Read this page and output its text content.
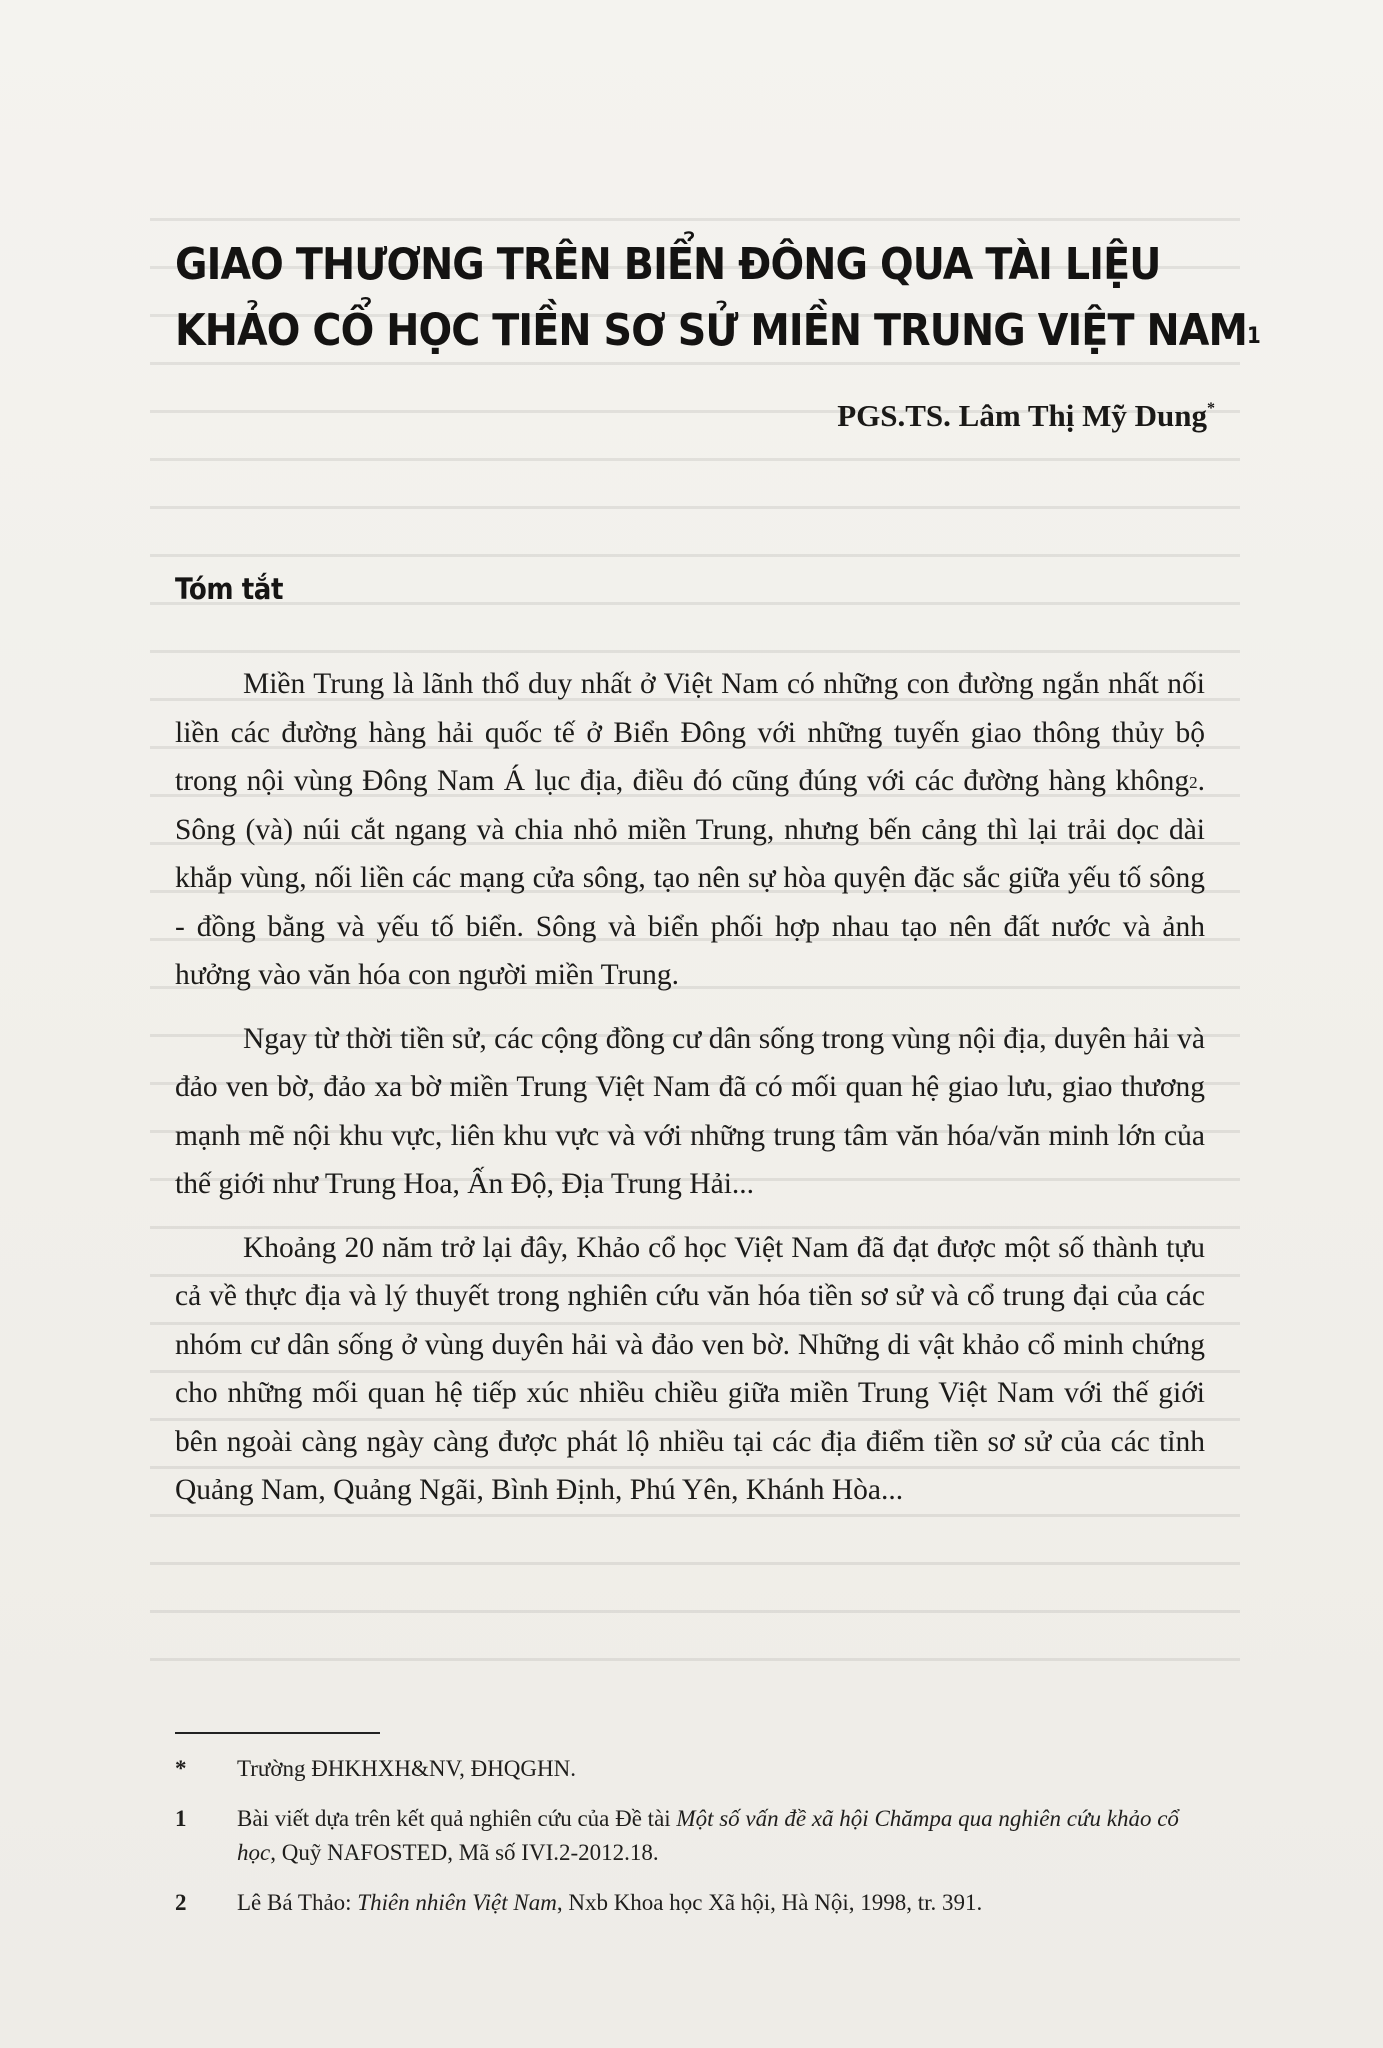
GIAO THƯƠNG TRÊN BIỂN ĐÔNG QUA TÀI LIỆU
KHẢO CỔ HỌC TIỀN SƠ SỬ MIỀN TRUNG VIỆT NAM$^1$
PGS.TS. Lâm Thị Mỹ Dung*
Tóm tắt

Miền Trung là lãnh thổ duy nhất ở Việt Nam có những con đường ngắn nhất nối liền các đường hàng hải quốc tế ở Biển Đông với những tuyến giao thông thủy bộ trong nội vùng Đông Nam Á lục địa, điều đó cũng đúng với các đường hàng không$^2$. Sông (và) núi cắt ngang và chia nhỏ miền Trung, nhưng bến cảng thì lại trải dọc dài khắp vùng, nối liền các mạng cửa sông, tạo nên sự hòa quyện đặc sắc giữa yếu tố sông - đồng bằng và yếu tố biển. Sông và biển phối hợp nhau tạo nên đất nước và ảnh hưởng vào văn hóa con người miền Trung.

Ngay từ thời tiền sử, các cộng đồng cư dân sống trong vùng nội địa, duyên hải và đảo ven bờ, đảo xa bờ miền Trung Việt Nam đã có mối quan hệ giao lưu, giao thương mạnh mẽ nội khu vực, liên khu vực và với những trung tâm văn hóa/văn minh lớn của thế giới như Trung Hoa, Ấn Độ, Địa Trung Hải...

Khoảng 20 năm trở lại đây, Khảo cổ học Việt Nam đã đạt được một số thành tựu cả về thực địa và lý thuyết trong nghiên cứu văn hóa tiền sơ sử và cổ trung đại của các nhóm cư dân sống ở vùng duyên hải và đảo ven bờ. Những di vật khảo cổ minh chứng cho những mối quan hệ tiếp xúc nhiều chiều giữa miền Trung Việt Nam với thế giới bên ngoài càng ngày càng được phát lộ nhiều tại các địa điểm tiền sơ sử của các tỉnh Quảng Nam, Quảng Ngãi, Bình Định, Phú Yên, Khánh Hòa...

* Trường ĐHKHXH&NV, ĐHQGHN.
1 Bài viết dựa trên kết quả nghiên cứu của Đề tài Một số vấn đề xã hội Chămpa qua nghiên cứu khảo cổ học, Quỹ NAFOSTED, Mã số IVI.2-2012.18.
2 Lê Bá Thảo: Thiên nhiên Việt Nam, Nxb Khoa học Xã hội, Hà Nội, 1998, tr. 391.
